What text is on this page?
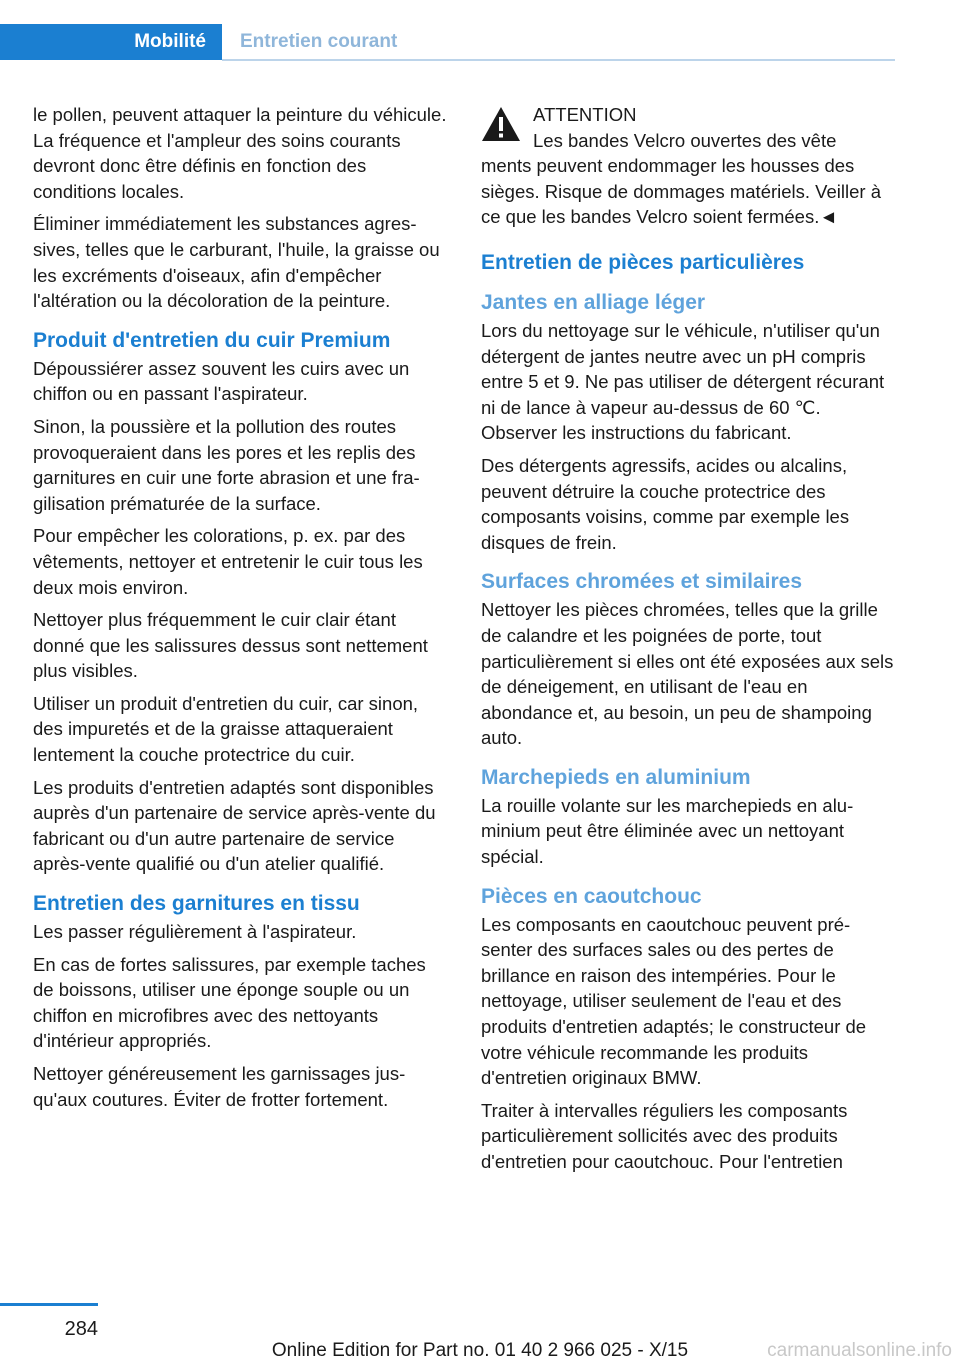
Mobilité	Entretien courant

le pollen, peuvent attaquer la peinture du véhicule. La fréquence et l'ampleur des soins courants devront donc être définis en fonction des conditions locales.

Éliminer immédiatement les substances agressives, telles que le carburant, l'huile, la graisse ou les excréments d'oiseaux, afin d'empêcher l'altération ou la décoloration de la peinture.

Produit d'entretien du cuir Premium

Dépoussiérer assez souvent les cuirs avec un chiffon ou en passant l'aspirateur.

Sinon, la poussière et la pollution des routes provoqueraient dans les pores et les replis des garnitures en cuir une forte abrasion et une fragilisation prématurée de la surface.

Pour empêcher les colorations, p. ex. par des vêtements, nettoyer et entretenir le cuir tous les deux mois environ.

Nettoyer plus fréquemment le cuir clair étant donné que les salissures dessus sont nettement plus visibles.

Utiliser un produit d'entretien du cuir, car sinon, des impuretés et de la graisse attaqueraient lentement la couche protectrice du cuir.

Les produits d'entretien adaptés sont disponibles auprès d'un partenaire de service après-vente du fabricant ou d'un autre partenaire de service après-vente qualifié ou d'un atelier qualifié.

Entretien des garnitures en tissu

Les passer régulièrement à l'aspirateur.

En cas de fortes salissures, par exemple taches de boissons, utiliser une éponge souple ou un chiffon en microfibres avec des nettoyants d'intérieur appropriés.

Nettoyer généreusement les garnissages jusqu'aux coutures. Éviter de frotter fortement.

ATTENTION
Les bandes Velcro ouvertes des vête
ments peuvent endommager les housses des sièges. Risque de dommages matériels. Veiller à ce que les bandes Velcro soient fermées.◄
Entretien de pièces particulières
Jantes en alliage léger

Lors du nettoyage sur le véhicule, n'utiliser qu'un détergent de jantes neutre avec un pH compris entre 5 et 9. Ne pas utiliser de détergent récurant ni de lance à vapeur au-dessus de 60 ℃. Observer les instructions du fabricant.

Des détergents agressifs, acides ou alcalins, peuvent détruire la couche protectrice des composants voisins, comme par exemple les disques de frein.

Surfaces chromées et similaires

Nettoyer les pièces chromées, telles que la grille de calandre et les poignées de porte, tout particulièrement si elles ont été exposées aux sels de déneigement, en utilisant de l'eau en abondance et, au besoin, un peu de shampoing auto.

Marchepieds en aluminium

La rouille volante sur les marchepieds en aluminium peut être éliminée avec un nettoyant spécial.

Pièces en caoutchouc

Les composants en caoutchouc peuvent présenter des surfaces sales ou des pertes de brillance en raison des intempéries. Pour le nettoyage, utiliser seulement de l'eau et des produits d'entretien adaptés; le constructeur de votre véhicule recommande les produits d'entretien originaux BMW.

Traiter à intervalles réguliers les composants particulièrement sollicités avec des produits d'entretien pour caoutchouc. Pour l'entretien

284
Online Edition for Part no. 01 40 2 966 025 - X/15	carmanualsonline.info
